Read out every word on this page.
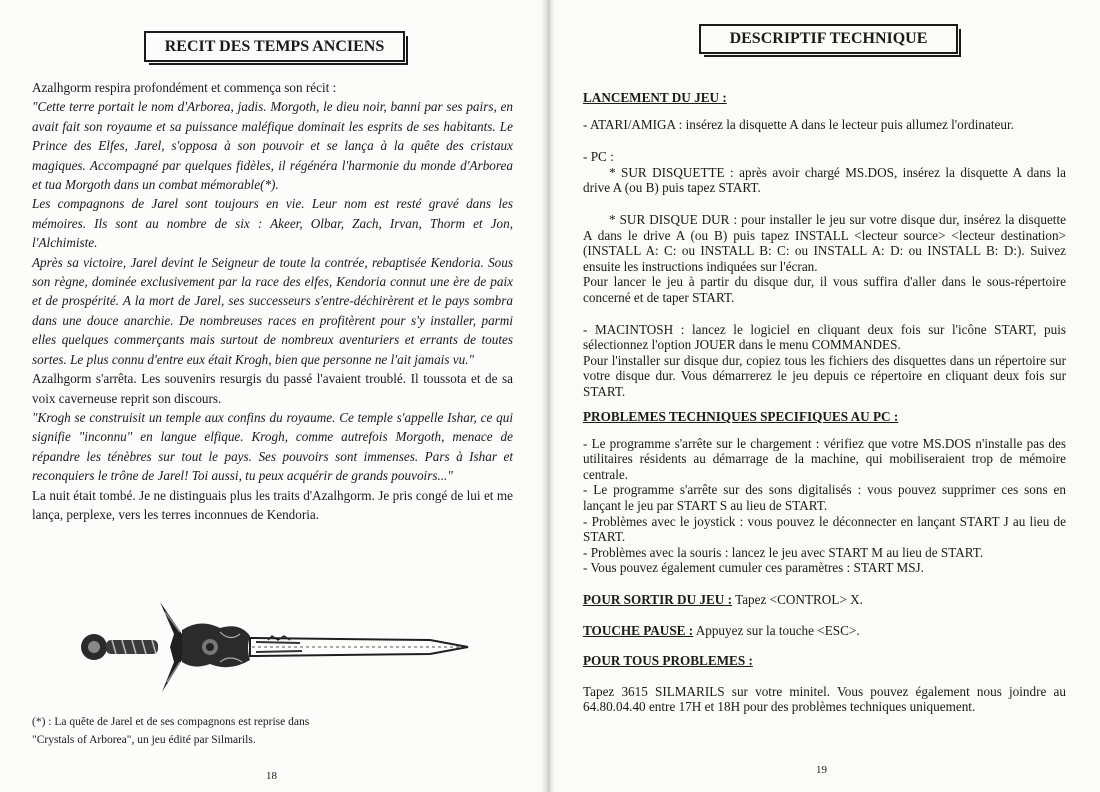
RECIT DES TEMPS ANCIENS

Azalhgorm respira profondément et commença son récit :

"Cette terre portait le nom d'Arborea, jadis. Morgoth, le dieu noir, banni par ses pairs, en avait fait son royaume et sa puissance maléfique dominait les esprits de ses habitants. Le Prince des Elfes, Jarel, s'opposa à son pouvoir et se lança à la quête des cristaux magiques. Accompagné par quelques fidèles, il régénéra l'harmonie du monde d'Arborea et tua Morgoth dans un combat mémorable(*).

Les compagnons de Jarel sont toujours en vie. Leur nom est resté gravé dans les mémoires. Ils sont au nombre de six : Akeer, Olbar, Zach, Irvan, Thorm et Jon, l'Alchimiste.

Après sa victoire, Jarel devint le Seigneur de toute la contrée, rebaptisée Kendoria. Sous son règne, dominée exclusivement par la race des elfes, Kendoria connut une ère de paix et de prospérité. A la mort de Jarel, ses successeurs s'entre-déchirèrent et le pays sombra dans une douce anarchie. De nombreuses races en profitèrent pour s'y installer, parmi elles quelques commerçants mais surtout de nombreux aventuriers et errants de toutes sortes. Le plus connu d'entre eux était Krogh, bien que personne ne l'ait jamais vu."

Azalhgorm s'arrêta. Les souvenirs resurgis du passé l'avaient troublé. Il toussota et de sa voix caverneuse reprit son discours.

"Krogh se construisit un temple aux confins du royaume. Ce temple s'appelle Ishar, ce qui signifie "inconnu" en langue elfique. Krogh, comme autrefois Morgoth, menace de répandre les ténèbres sur tout le pays. Ses pouvoirs sont immenses. Pars à Ishar et reconquiers le trône de Jarel! Toi aussi, tu peux acquérir de grands pouvoirs..."

La nuit était tombé. Je ne distinguais plus les traits d'Azalhgorm. Je pris congé de lui et me lança, perplexe, vers les terres inconnues de Kendoria.

(*) : La quête de Jarel et de ses compagnons est reprise dans
"Crystals of Arborea", un jeu édité par Silmarils.
18
DESCRIPTIF TECHNIQUE

LANCEMENT DU JEU :

- ATARI/AMIGA : insérez la disquette A dans le lecteur puis allumez l'ordinateur.

- PC :

* SUR DISQUETTE : après avoir chargé MS.DOS, insérez la disquette A dans la drive A (ou B) puis tapez START.

* SUR DISQUE DUR : pour installer le jeu sur votre disque dur, insérez la disquette A dans le drive A (ou B) puis tapez INSTALL <lecteur source> <lecteur destination> (INSTALL A: C: ou INSTALL B: C: ou INSTALL A: D: ou INSTALL B: D:). Suivez ensuite les instructions indiquées sur l'écran.

Pour lancer le jeu à partir du disque dur, il vous suffira d'aller dans le sous-répertoire concerné et de taper START.

- MACINTOSH : lancez le logiciel en cliquant deux fois sur l'icône START, puis sélectionnez l'option JOUER dans le menu COMMANDES.

Pour l'installer sur disque dur, copiez tous les fichiers des disquettes dans un répertoire sur votre disque dur. Vous démarrerez le jeu depuis ce répertoire en cliquant deux fois sur START.

PROBLEMES TECHNIQUES SPECIFIQUES AU PC :

- Le programme s'arrête sur le chargement : vérifiez que votre MS.DOS n'installe pas des utilitaires résidents au démarrage de la machine, qui mobiliseraient trop de mémoire centrale.

- Le programme s'arrête sur des sons digitalisés : vous pouvez supprimer ces sons en lançant le jeu par START S au lieu de START.

- Problèmes avec le joystick : vous pouvez le déconnecter en lançant START J au lieu de START.

- Problèmes avec la souris : lancez le jeu avec START M au lieu de START.

- Vous pouvez également cumuler ces paramètres : START MSJ.

POUR SORTIR DU JEU : Tapez <CONTROL> X.

TOUCHE PAUSE : Appuyez sur la touche <ESC>.

POUR TOUS PROBLEMES :

Tapez 3615 SILMARILS sur votre minitel. Vous pouvez également nous joindre au 64.80.04.40 entre 17H et 18H pour des problèmes techniques uniquement.

19
